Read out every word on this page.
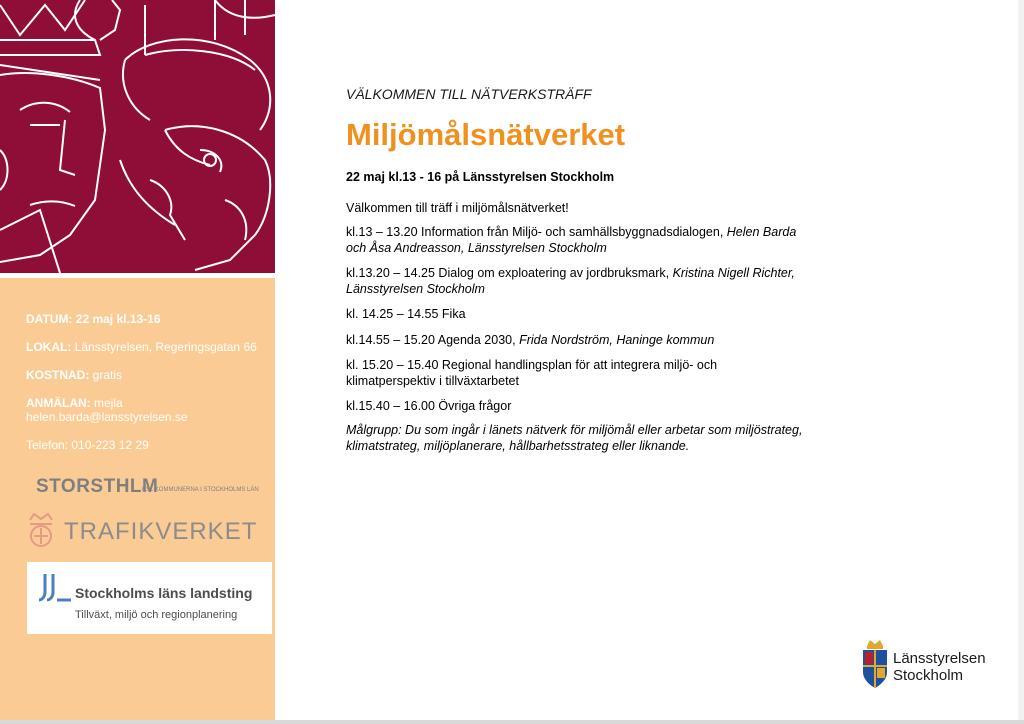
DATUM: 22 maj kl.13-16
LOKAL: Länsstyrelsen, Regeringsgatan 66
KOSTNAD: gratis
ANMÄLAN: mejla
helen.barda@lansstyrelsen.se
Telefon: 010-223 12 29
STORSTHLM
KSL KOMMUNERNA I STOCKHOLMS LÄN
TRAFIKVERKET
Stockholms läns landsting
Tillväxt, miljö och regionplanering
VÄLKOMMEN TILL NÄTVERKSTRÄFF
Miljömålsnätverket
22 maj kl.13 - 16 på Länsstyrelsen Stockholm
Välkommen till träff i miljömålsnätverket!
kl.13 – 13.20 Information från Miljö- och samhällsbyggnadsdialogen, Helen Barda och Åsa Andreasson, Länsstyrelsen Stockholm
kl.13.20 – 14.25 Dialog om exploatering av jordbruksmark, Kristina Nigell Richter, Länsstyrelsen Stockholm
kl. 14.25 – 14.55 Fika
kl.14.55 – 15.20 Agenda 2030, Frida Nordström, Haninge kommun
kl. 15.20 – 15.40 Regional handlingsplan för att integrera miljö- och klimatperspektiv i tillväxtarbetet
kl.15.40 – 16.00 Övriga frågor
Målgrupp: Du som ingår i länets nätverk för miljömål eller arbetar som miljöstrateg, klimatstrateg, miljöplanerare, hållbarhetsstrateg eller liknande.
Länsstyrelsen
Stockholm
